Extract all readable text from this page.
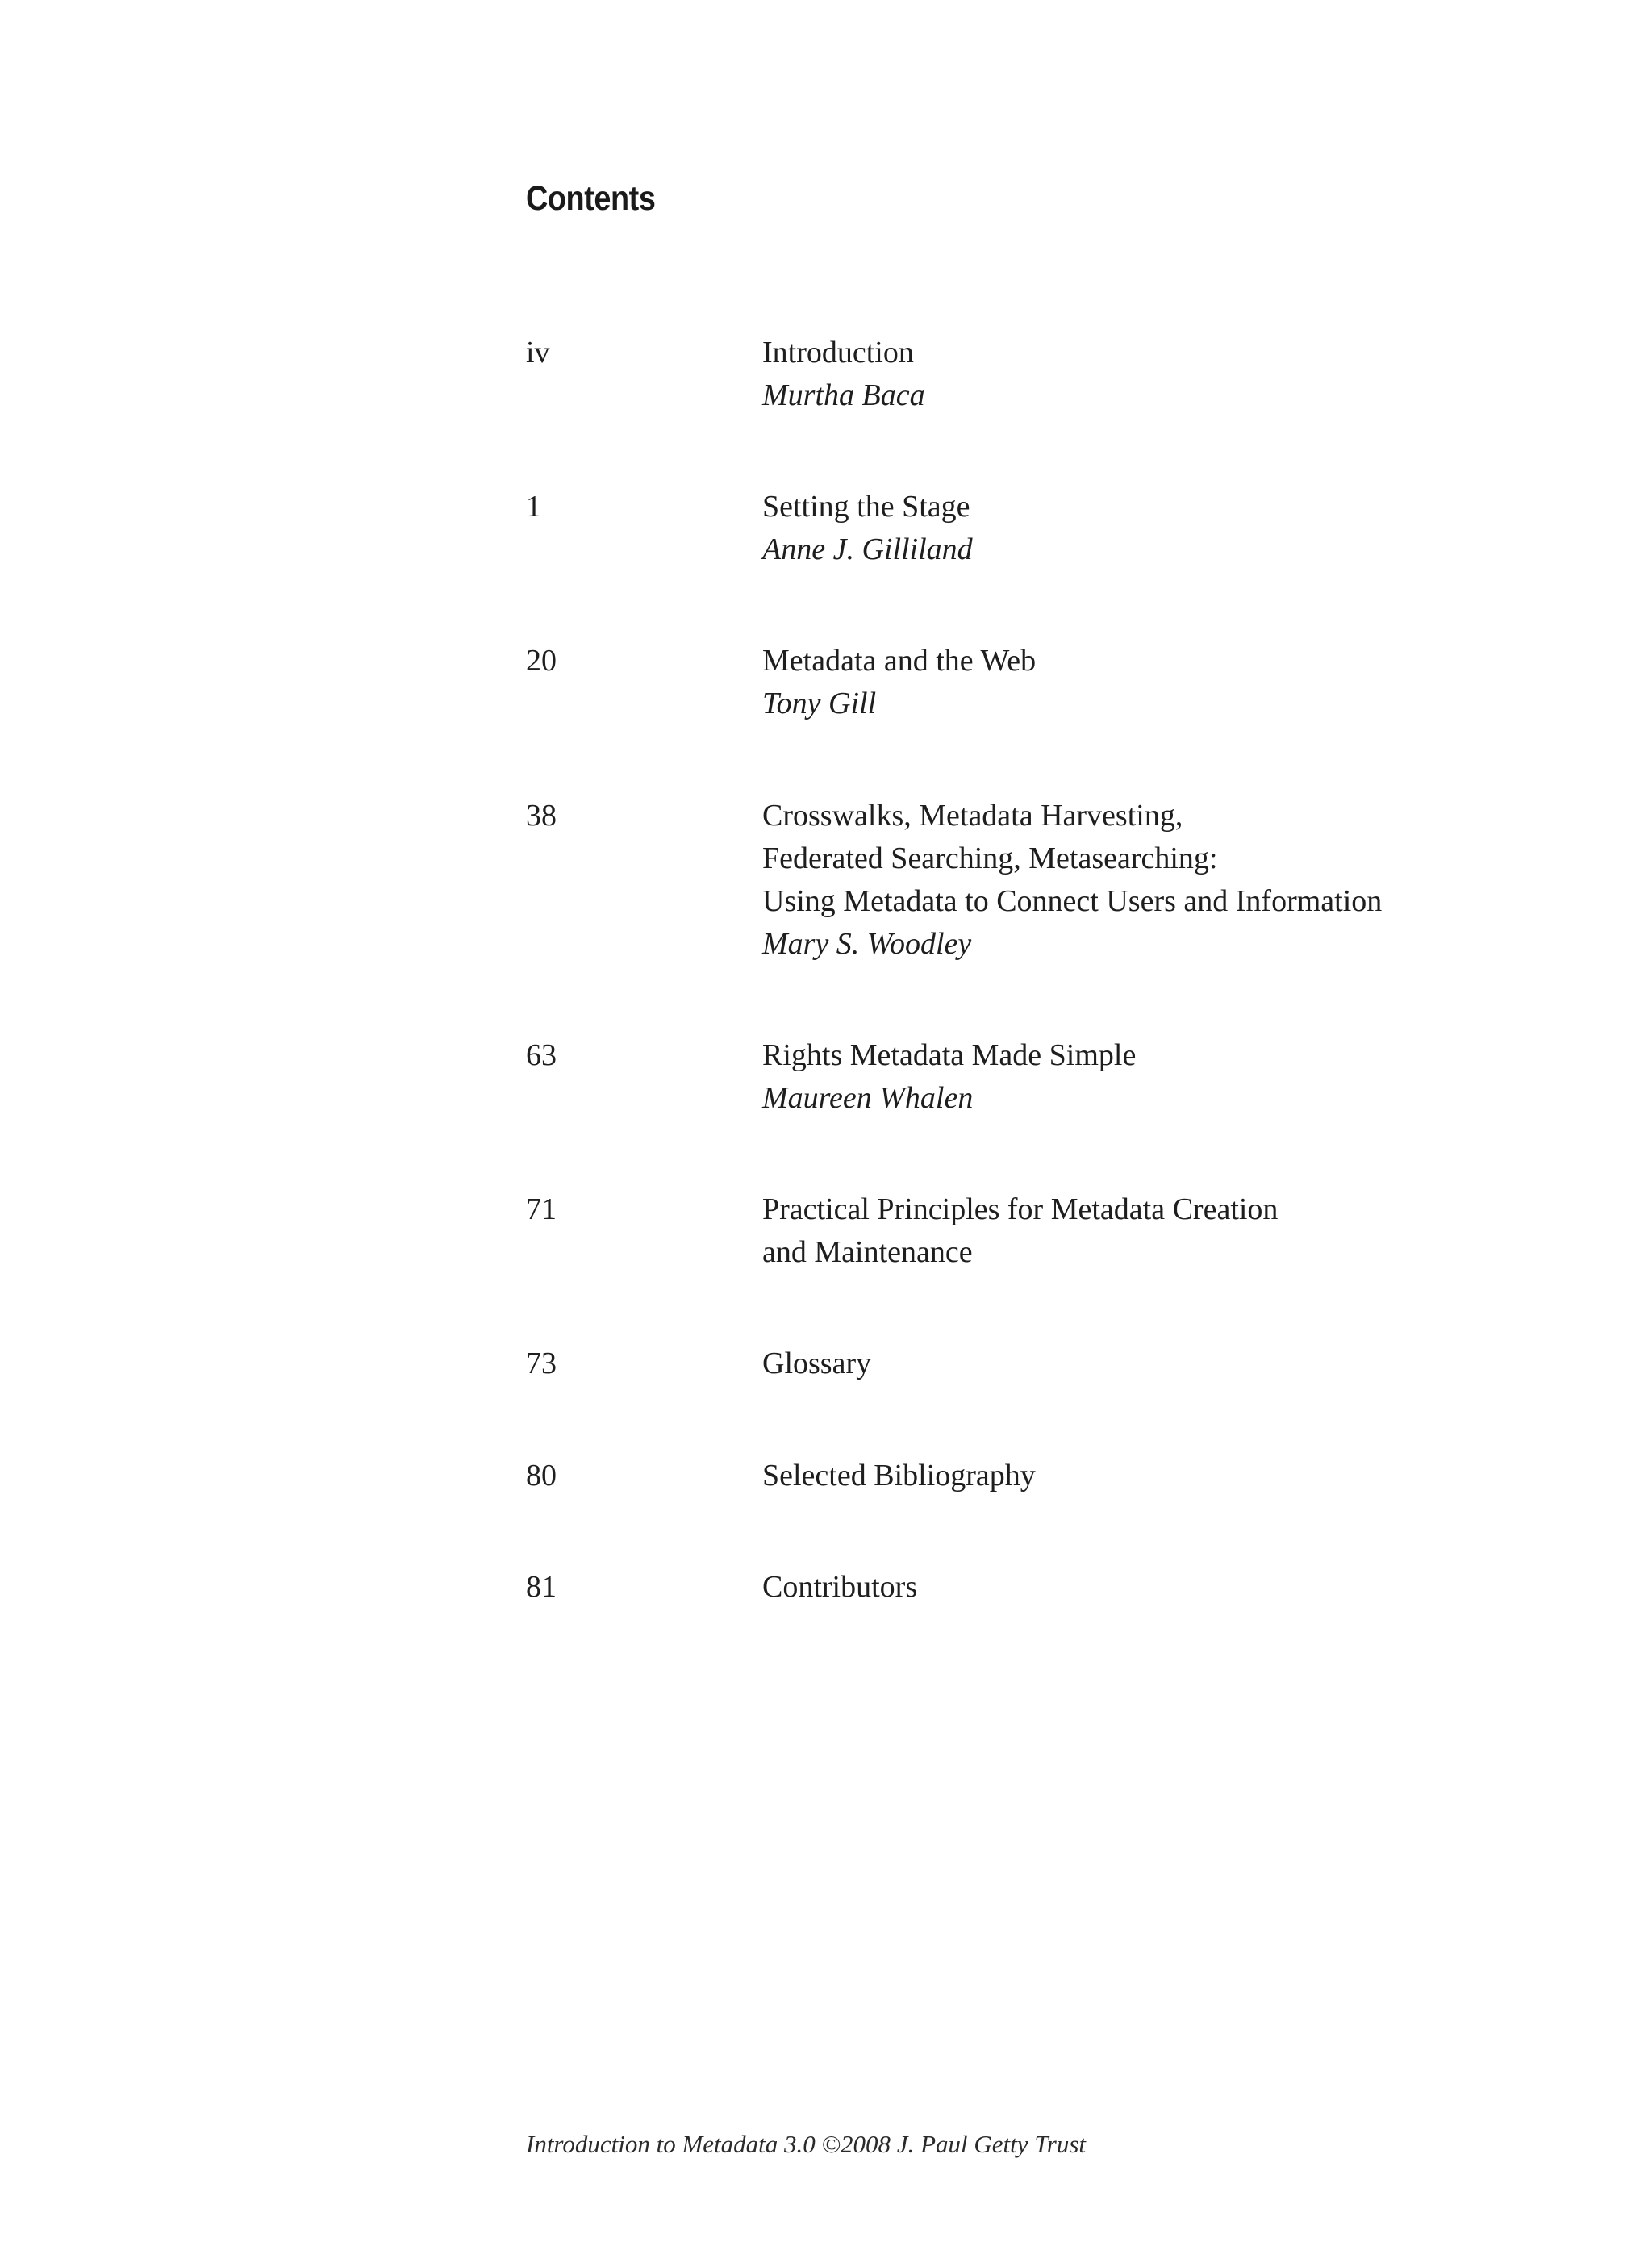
Contents
iv	Introduction
Murtha Baca
1	Setting the Stage
Anne J. Gilliland
20	Metadata and the Web
Tony Gill
38	Crosswalks, Metadata Harvesting,
Federated Searching, Metasearching:
Using Metadata to Connect Users and Information
Mary S. Woodley
63	Rights Metadata Made Simple
Maureen Whalen
71	Practical Principles for Metadata Creation
and Maintenance
73	Glossary
80	Selected Bibliography
81	Contributors
Introduction to Metadata 3.0 ©2008 J. Paul Getty Trust
